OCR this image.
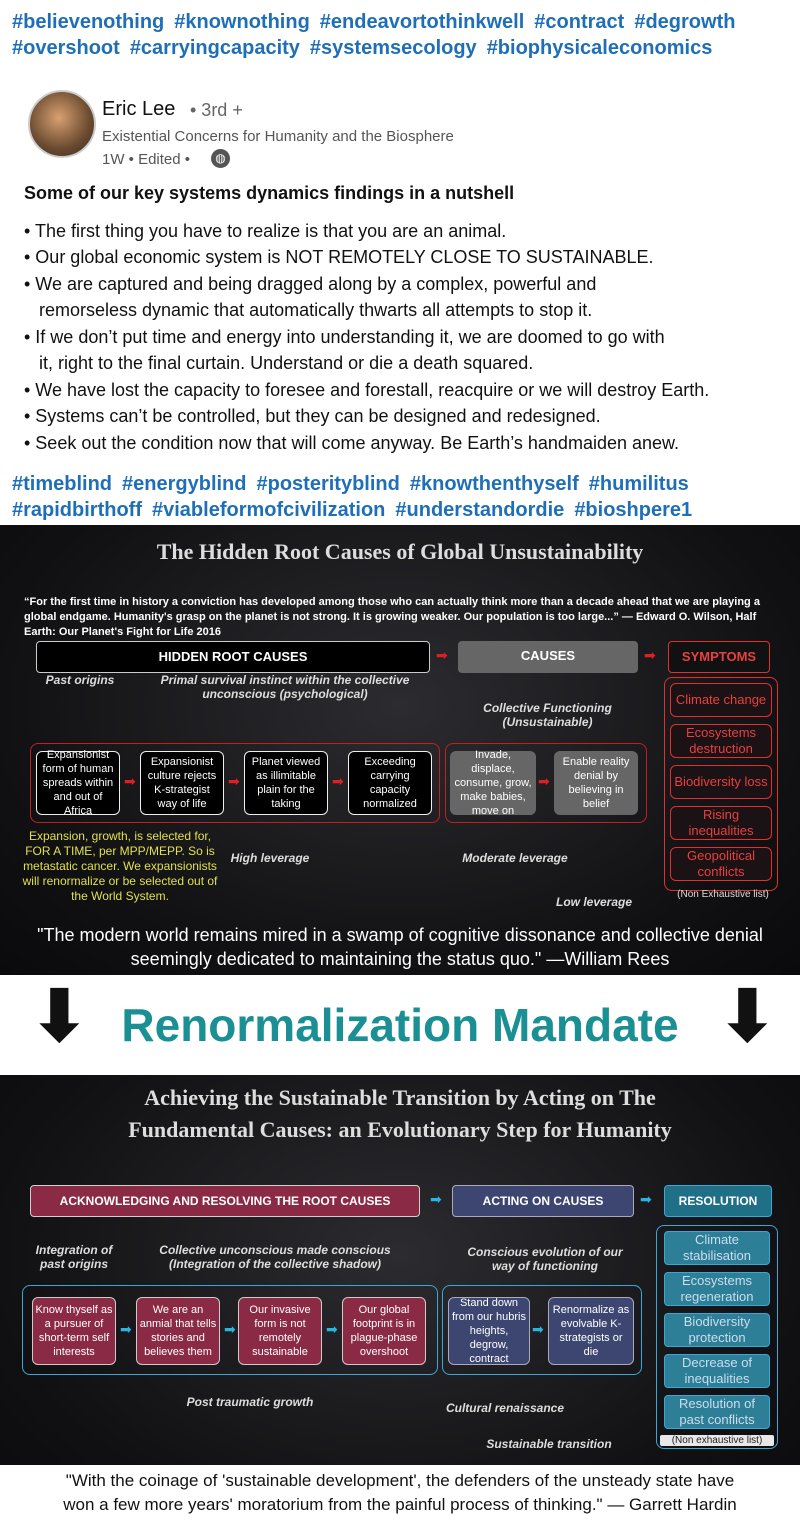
#believenothing #knownothing #endeavortothinkwell #contract #degrowth
#overshoot #carryingcapacity #systemsecology #biophysicaleconomics
Eric Lee • 3rd +
Existential Concerns for Humanity and the Biosphere
1W • Edited •	◍
Some of our key systems dynamics findings in a nutshell
• The first thing you have to realize is that you are an animal.
• Our global economic system is NOT REMOTELY CLOSE TO SUSTAINABLE.
• We are captured and being dragged along by a complex, powerful and
remorseless dynamic that automatically thwarts all attempts to stop it.
• If we don’t put time and energy into understanding it, we are doomed to go with
it, right to the final curtain. Understand or die a death squared.
• We have lost the capacity to foresee and forestall, reacquire or we will destroy Earth.
• Systems can’t be controlled, but they can be designed and redesigned.
• Seek out the condition now that will come anyway. Be Earth’s handmaiden anew.
#timeblind #energyblind #posterityblind #knowthenthyself #humilitus
#rapidbirthoff #viableformofcivilization #understandordie #bioshpere1
The Hidden Root Causes of Global Unsustainability
“For the first time in history a conviction has developed among those who can actually think more than a decade ahead that we are playing a global endgame. Humanity's grasp on the planet is not strong. It is growing weaker. Our population is too large...” — Edward O. Wilson, Half Earth: Our Planet's Fight for Life 2016
HIDDEN ROOT CAUSES	➡	CAUSES	➡	SYMPTOMS
Past origins	Primal survival instinct within the collective unconscious (psychological)
Collective Functioning (Unsustainable)
Expansionist form of human spreads within and out of Africa
➡
Expansionist culture rejects K-strategist way of life
➡
Planet viewed as illimitable plain for the taking
➡
Exceeding carrying capacity normalized
Invade, displace, consume, grow, make babies, move on
➡
Enable reality denial by believing in belief
Climate change
Ecosystems destruction
Biodiversity loss
Rising inequalities
Geopolitical conflicts
(Non Exhaustive list)
Expansion, growth, is selected for, FOR A TIME, per MPP/MEPP. So is metastatic cancer. We expansionists will renormalize or be selected out of the World System.
High leverage	Moderate leverage
Low leverage
"The modern world remains mired in a swamp of cognitive dissonance and collective denial
seemingly dedicated to maintaining the status quo." —William Rees
⬇	⬇
Renormalization Mandate
Achieving the Sustainable Transition by Acting on The
Fundamental Causes: an Evolutionary Step for Humanity
ACKNOWLEDGING AND RESOLVING THE ROOT CAUSES	➡	ACTING ON CAUSES	➡	RESOLUTION
Integration of past origins
Collective unconscious made conscious (Integration of the collective shadow)
Conscious evolution of our way of functioning
Know thyself as a pursuer of short-term self interests
➡
We are an anmial that tells stories and believes them
➡
Our invasive form is not remotely sustainable
➡
Our global footprint is in plague-phase overshoot
Stand down from our hubris heights, degrow, contract
➡
Renormalize as evolvable K-strategists or die
Climate stabilisation
Ecosystems regeneration
Biodiversity protection
Decrease of inequalities
Resolution of past conflicts
(Non exhaustive list)
Post traumatic growth	Cultural renaissance
Sustainable transition
"With the coinage of 'sustainable development', the defenders of the unsteady state have
won a few more years' moratorium from the painful process of thinking." — Garrett Hardin
